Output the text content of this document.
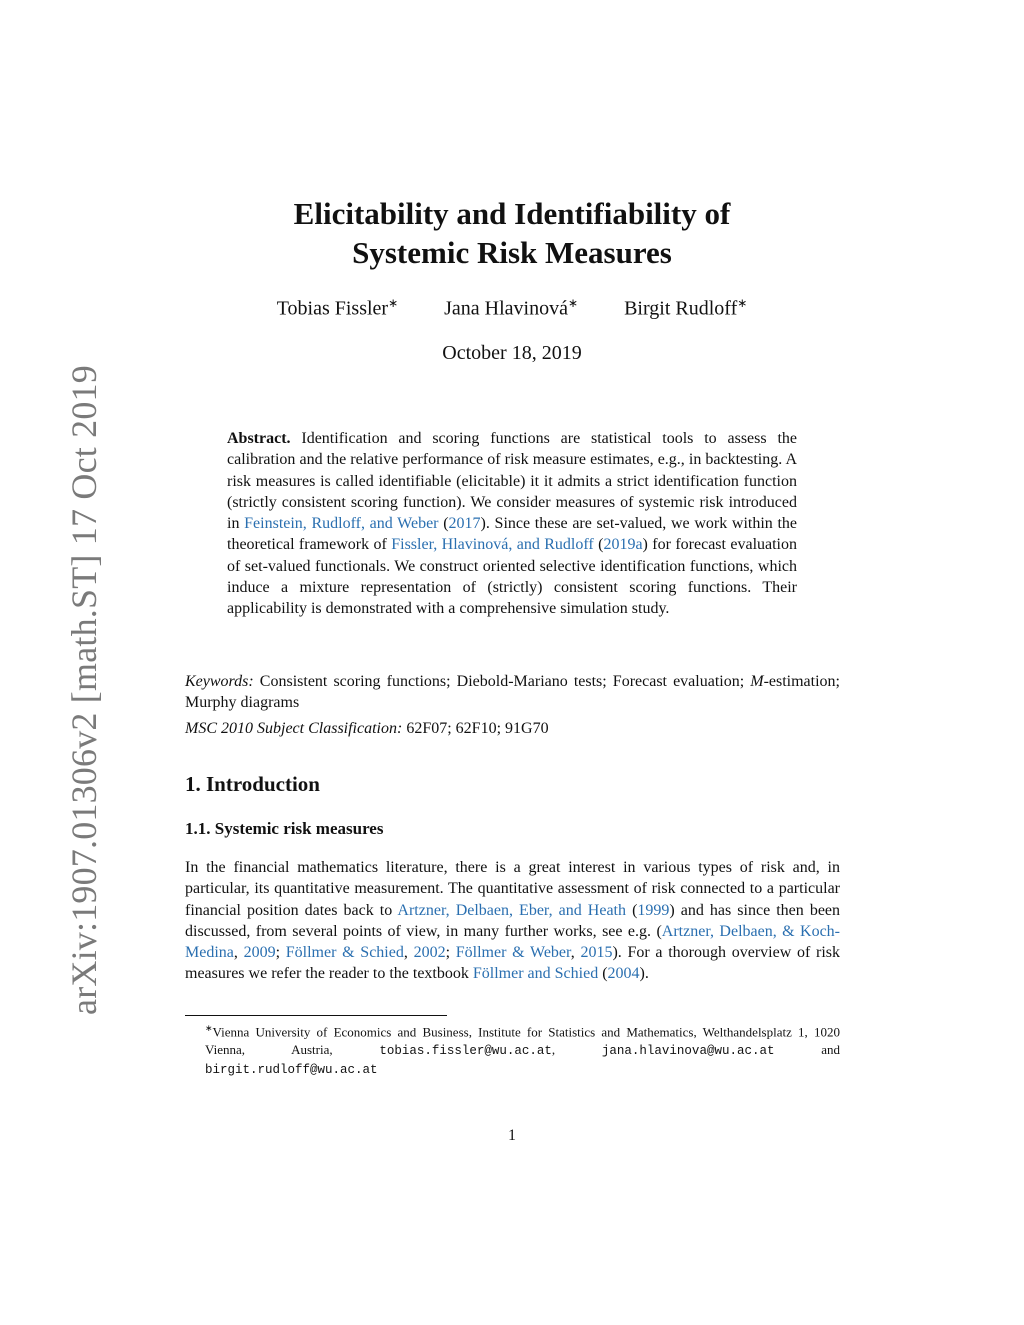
arXiv:1907.01306v2 [math.ST] 17 Oct 2019
Elicitability and Identifiability of
Systemic Risk Measures
Tobias Fissler∗ Jana Hlavinová∗ Birgit Rudloff∗
October 18, 2019

Abstract. Identification and scoring functions are statistical tools to assess the calibration and the relative performance of risk measure estimates, e.g., in backtesting. A risk measures is called identifiable (elicitable) it it admits a strict identification function (strictly consistent scoring function). We consider measures of systemic risk introduced in Feinstein, Rudloff, and Weber (2017). Since these are set-valued, we work within the theoretical framework of Fissler, Hlavinová, and Rudloff (2019a) for forecast evaluation of set-valued functionals. We construct oriented selective identification functions, which induce a mixture representation of (strictly) consistent scoring functions. Their applicability is demonstrated with a comprehensive simulation study.

Keywords: Consistent scoring functions; Diebold-Mariano tests; Forecast evaluation; M-estimation; Murphy diagrams

MSC 2010 Subject Classification: 62F07; 62F10; 91G70

1. Introduction
1.1. Systemic risk measures

In the financial mathematics literature, there is a great interest in various types of risk and, in particular, its quantitative measurement. The quantitative assessment of risk connected to a particular financial position dates back to Artzner, Delbaen, Eber, and Heath (1999) and has since then been discussed, from several points of view, in many further works, see e.g. (Artzner, Delbaen, & Koch-Medina, 2009; Föllmer & Schied, 2002; Föllmer & Weber, 2015). For a thorough overview of risk measures we refer the reader to the textbook Föllmer and Schied (2004).

∗Vienna University of Economics and Business, Institute for Statistics and Mathematics, Welthandelsplatz 1, 1020 Vienna, Austria, tobias.fissler@wu.ac.at, jana.hlavinova@wu.ac.at and birgit.rudloff@wu.ac.at

1
